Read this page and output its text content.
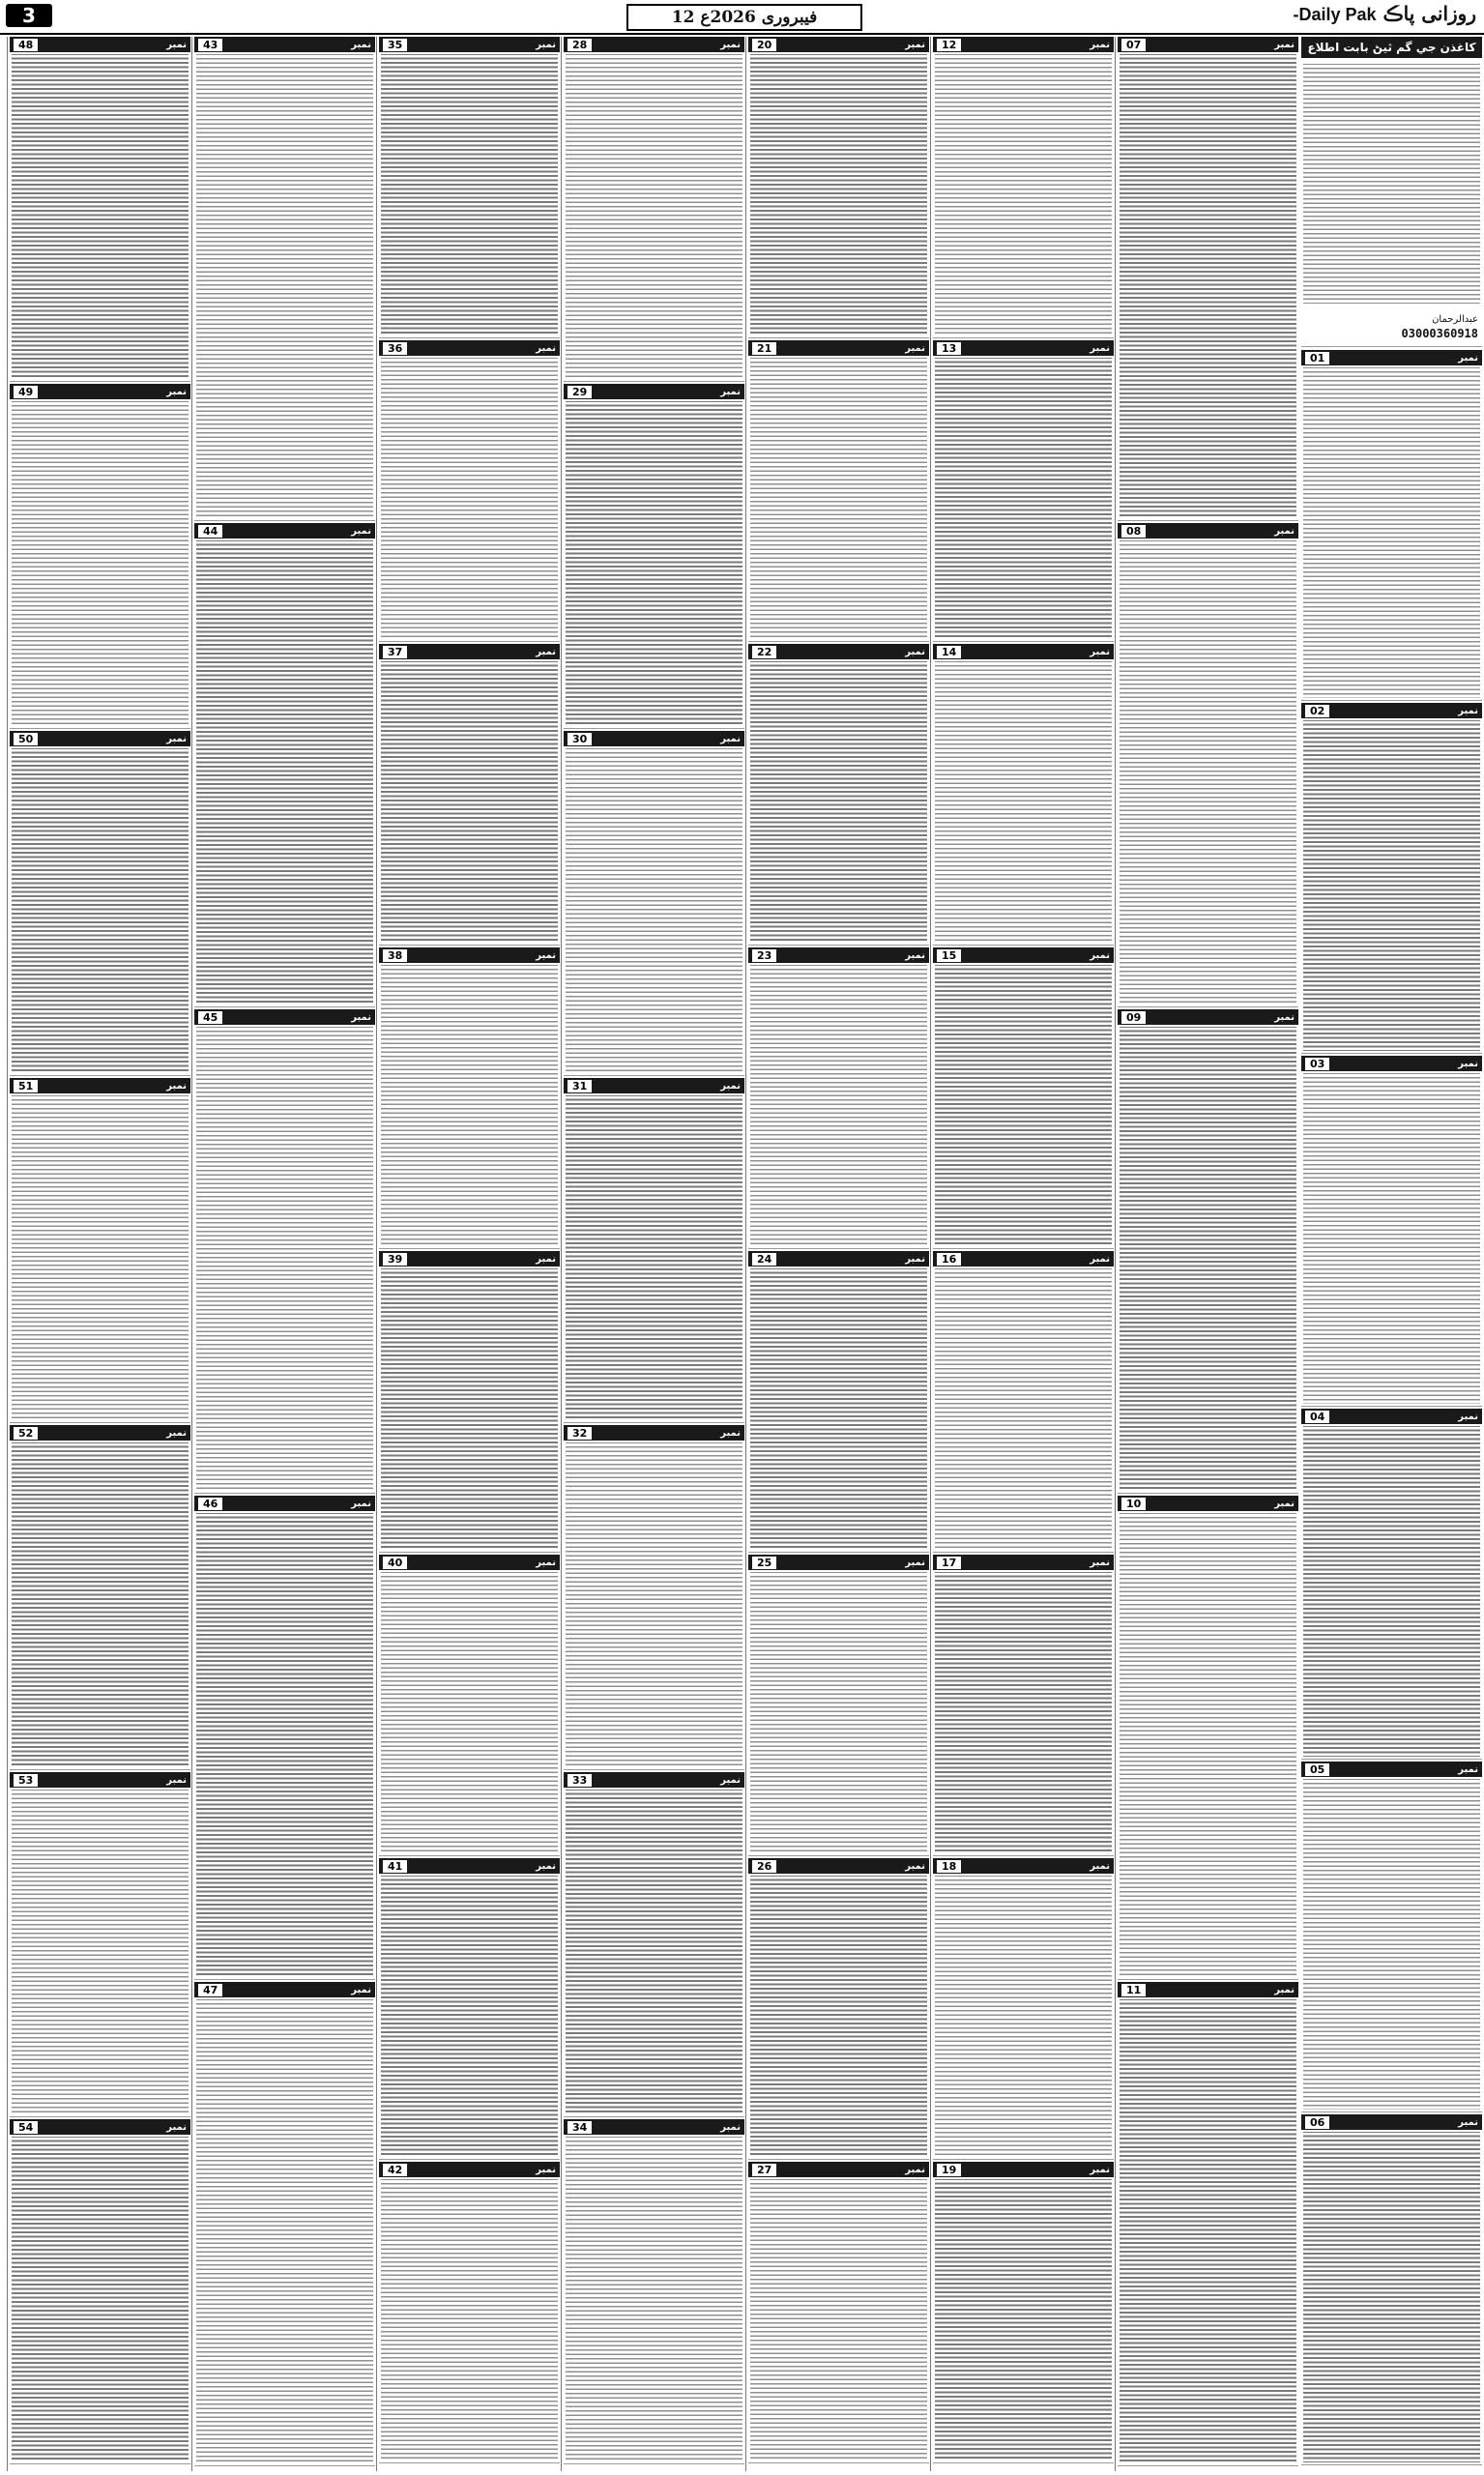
3	12 فیبروری 2026ع	روزانی پاڪ Daily Pak-
کاغذن جي گم ٿيڻ بابت اطلاع
عبدالرحمان
03000360918
01	نمبر
02	نمبر
03	نمبر
04	نمبر
05	نمبر
06	نمبر
07	نمبر
08	نمبر
09	نمبر
10	نمبر
11	نمبر
12	نمبر
13	نمبر
14	نمبر
15	نمبر
16	نمبر
17	نمبر
18	نمبر
19	نمبر
20	نمبر
21	نمبر
22	نمبر
23	نمبر
24	نمبر
25	نمبر
26	نمبر
27	نمبر
28	نمبر
29	نمبر
30	نمبر
31	نمبر
32	نمبر
33	نمبر
34	نمبر
35	نمبر
36	نمبر
37	نمبر
38	نمبر
39	نمبر
40	نمبر
41	نمبر
42	نمبر
43	نمبر
44	نمبر
45	نمبر
46	نمبر
47	نمبر
48	نمبر
49	نمبر
50	نمبر
51	نمبر
52	نمبر
53	نمبر
54	نمبر
